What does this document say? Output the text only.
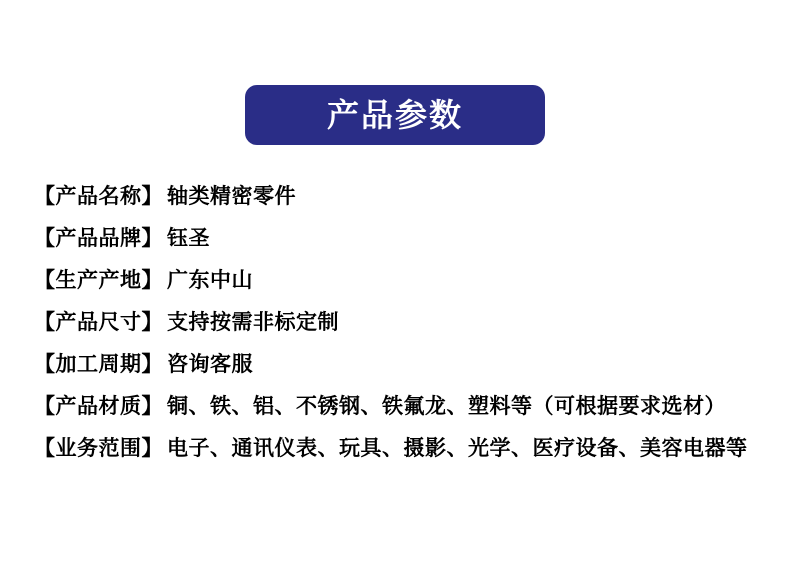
产品参数
【产品名称】 轴类精密零件
【产品品牌】 钰圣
【生产产地】 广东中山
【产品尺寸】 支持按需非标定制
【加工周期】 咨询客服
【产品材质】 铜、铁、铝、不锈钢、铁氟龙、塑料等（可根据要求选材）
【业务范围】 电子、通讯仪表、玩具、摄影、光学、医疗设备、美容电器等
